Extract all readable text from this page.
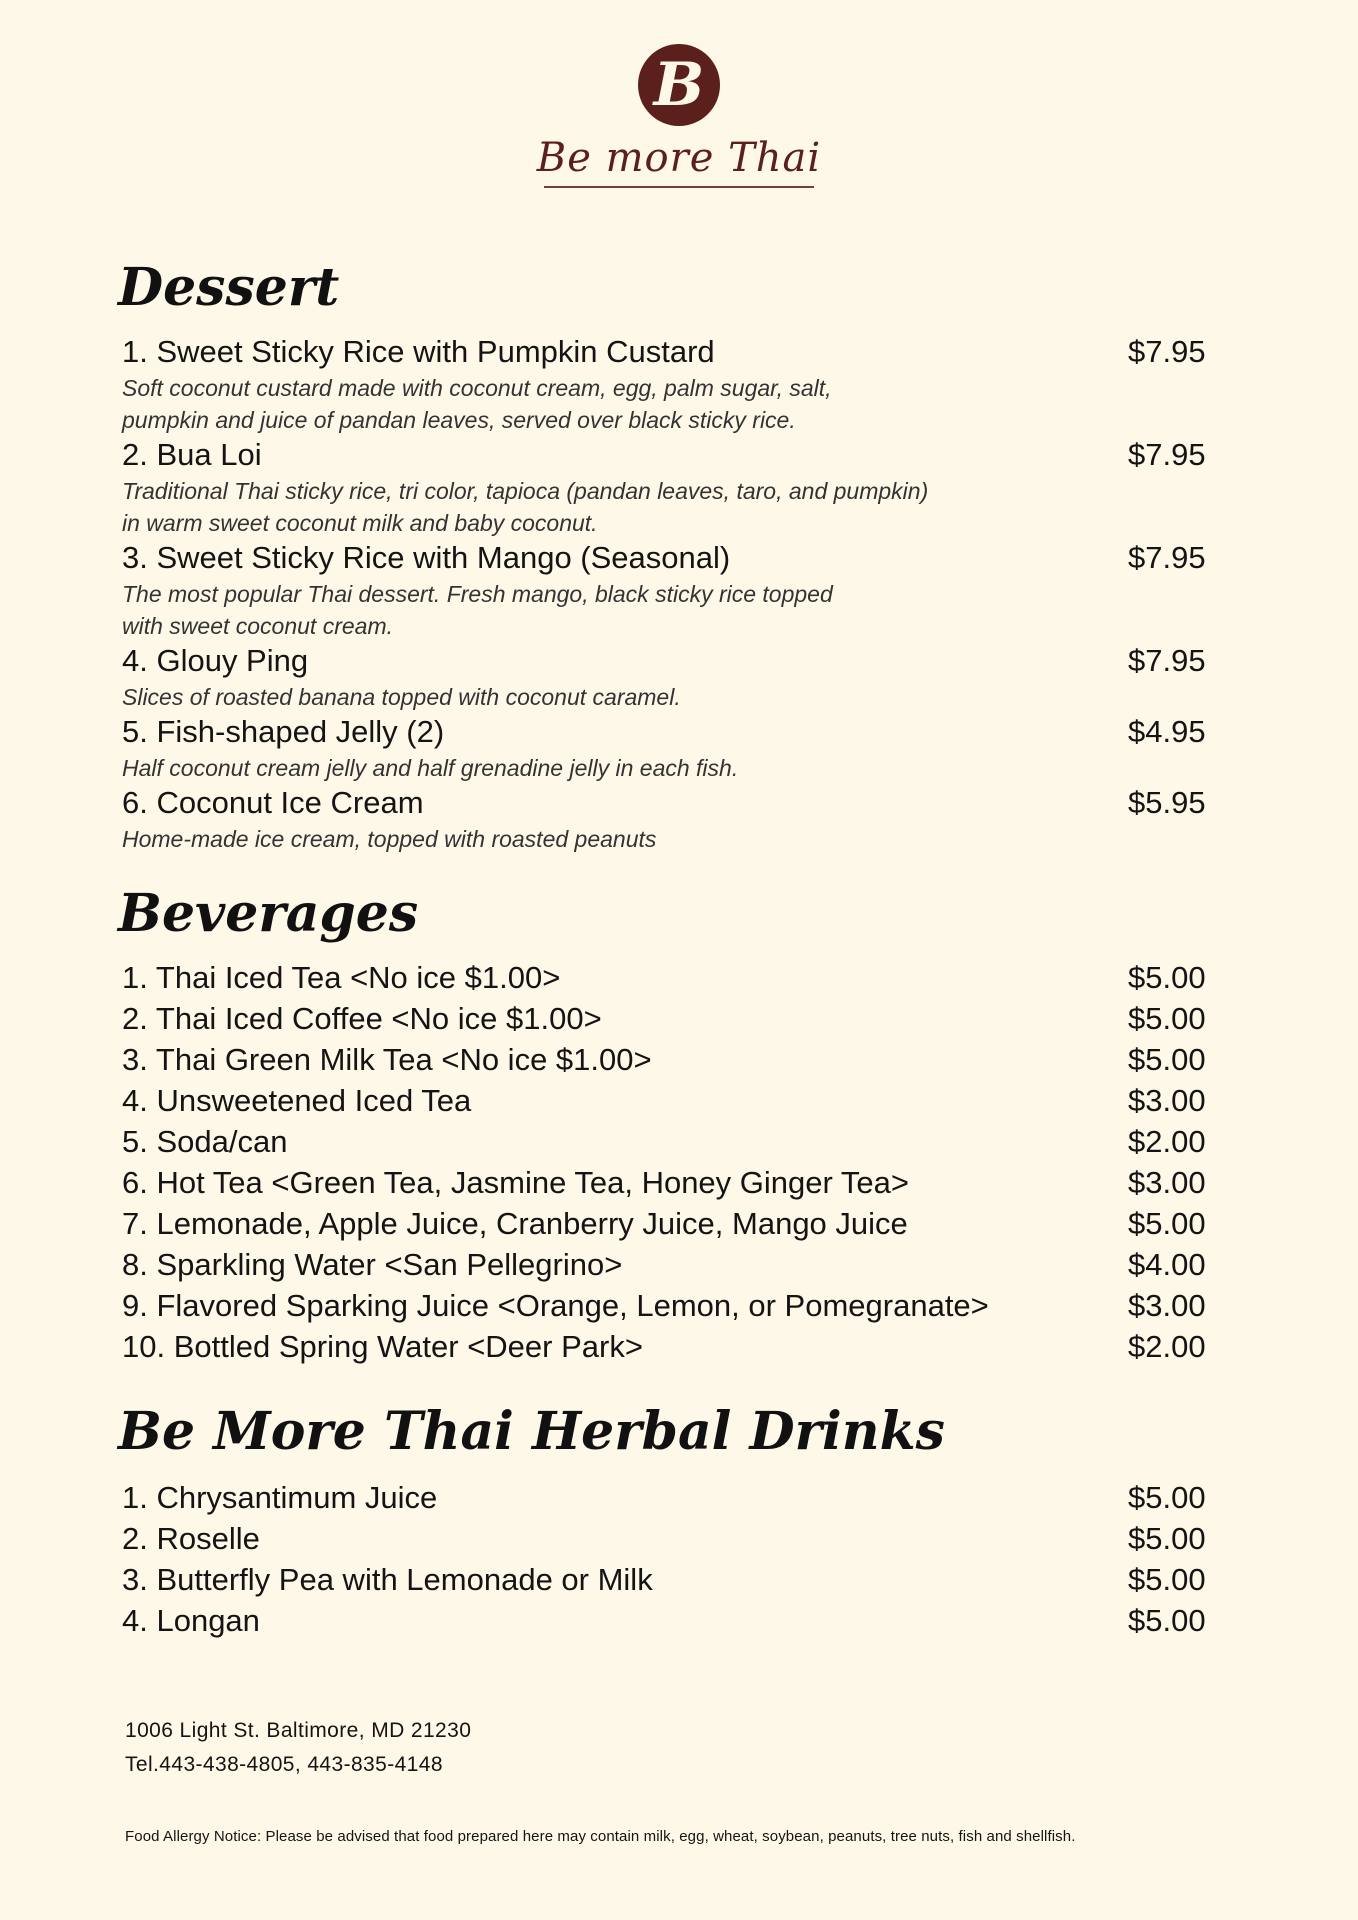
B
Be more Thai
Dessert
1. Sweet Sticky Rice with Pumpkin Custard	$7.95
Soft coconut custard made with coconut cream, egg, palm sugar, salt,
pumpkin and juice of pandan leaves, served over black sticky rice.
2. Bua Loi	$7.95
Traditional Thai sticky rice, tri color, tapioca (pandan leaves, taro, and pumpkin)
in warm sweet coconut milk and baby coconut.
3. Sweet Sticky Rice with Mango (Seasonal)	$7.95
The most popular Thai dessert. Fresh mango, black sticky rice topped
with sweet coconut cream.
4. Glouy Ping	$7.95
Slices of roasted banana topped with coconut caramel.
5. Fish-shaped Jelly (2)	$4.95
Half coconut cream jelly and half grenadine jelly in each fish.
6. Coconut Ice Cream	$5.95
Home-made ice cream, topped with roasted peanuts
Beverages
1. Thai Iced Tea <No ice $1.00>	$5.00
2. Thai Iced Coffee <No ice $1.00>	$5.00
3. Thai Green Milk Tea <No ice $1.00>	$5.00
4. Unsweetened Iced Tea	$3.00
5. Soda/can	$2.00
6. Hot Tea <Green Tea, Jasmine Tea, Honey Ginger Tea>	$3.00
7. Lemonade, Apple Juice, Cranberry Juice, Mango Juice	$5.00
8. Sparkling Water <San Pellegrino>	$4.00
9. Flavored Sparking Juice <Orange, Lemon, or Pomegranate>	$3.00
10. Bottled Spring Water <Deer Park>	$2.00
Be More Thai Herbal Drinks
1. Chrysantimum Juice	$5.00
2. Roselle	$5.00
3. Butterfly Pea with Lemonade or Milk	$5.00
4. Longan	$5.00
1006 Light St. Baltimore, MD 21230
Tel.443-438-4805, 443-835-4148
Food Allergy Notice: Please be advised that food prepared here may contain milk, egg, wheat, soybean, peanuts, tree nuts, fish and shellfish.
